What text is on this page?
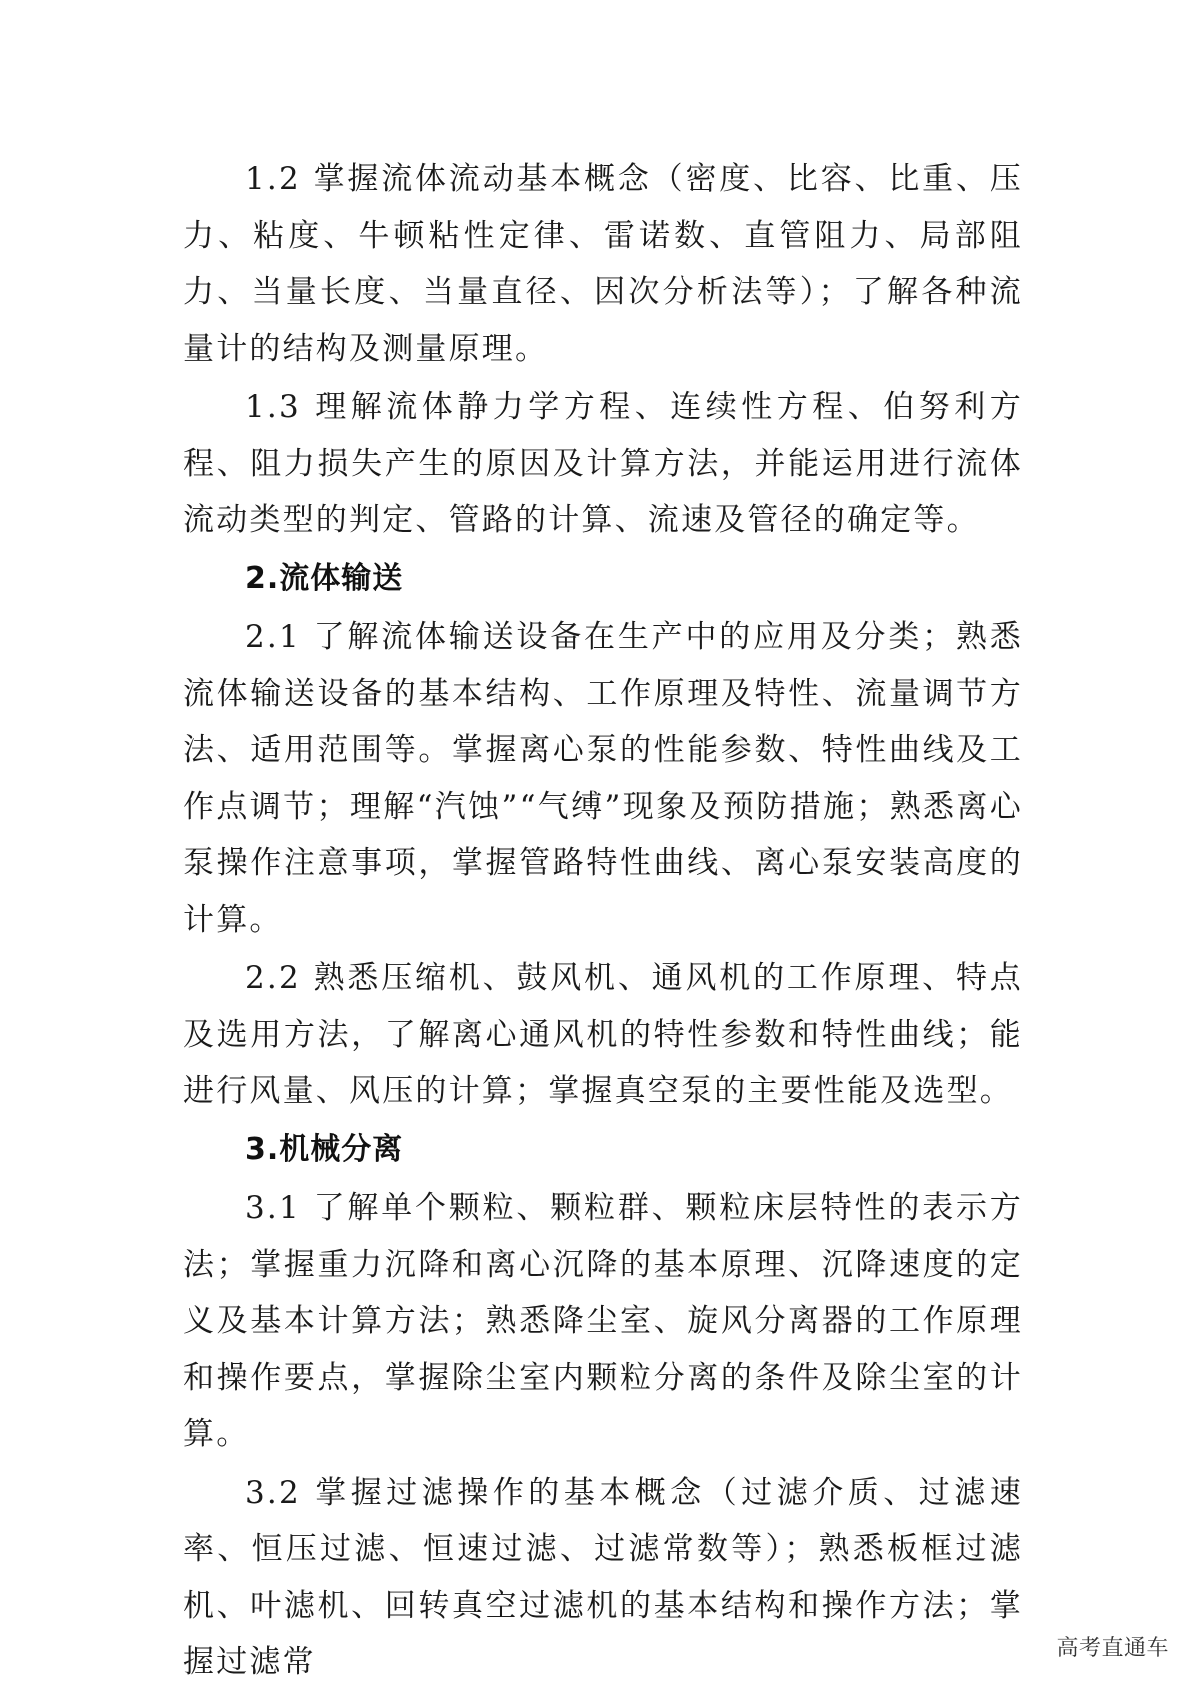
1.2 掌握流体流动基本概念（密度、比容、比重、压力、粘度、牛顿粘性定律、雷诺数、直管阻力、局部阻力、当量长度、当量直径、因次分析法等）；了解各种流量计的结构及测量原理。

1.3 理解流体静力学方程、连续性方程、伯努利方程、阻力损失产生的原因及计算方法，并能运用进行流体流动类型的判定、管路的计算、流速及管径的确定等。

2.流体输送

2.1 了解流体输送设备在生产中的应用及分类；熟悉流体输送设备的基本结构、工作原理及特性、流量调节方法、适用范围等。掌握离心泵的性能参数、特性曲线及工作点调节；理解“汽蚀”“气缚”现象及预防措施；熟悉离心泵操作注意事项，掌握管路特性曲线、离心泵安装高度的计算。

2.2 熟悉压缩机、鼓风机、通风机的工作原理、特点及选用方法，了解离心通风机的特性参数和特性曲线；能进行风量、风压的计算；掌握真空泵的主要性能及选型。

3.机械分离

3.1 了解单个颗粒、颗粒群、颗粒床层特性的表示方法；掌握重力沉降和离心沉降的基本原理、沉降速度的定义及基本计算方法；熟悉降尘室、旋风分离器的工作原理和操作要点，掌握除尘室内颗粒分离的条件及除尘室的计算。

3.2 掌握过滤操作的基本概念（过滤介质、过滤速率、恒压过滤、恒速过滤、过滤常数等）；熟悉板框过滤机、叶滤机、回转真空过滤机的基本结构和操作方法；掌握过滤常	高考直通车
